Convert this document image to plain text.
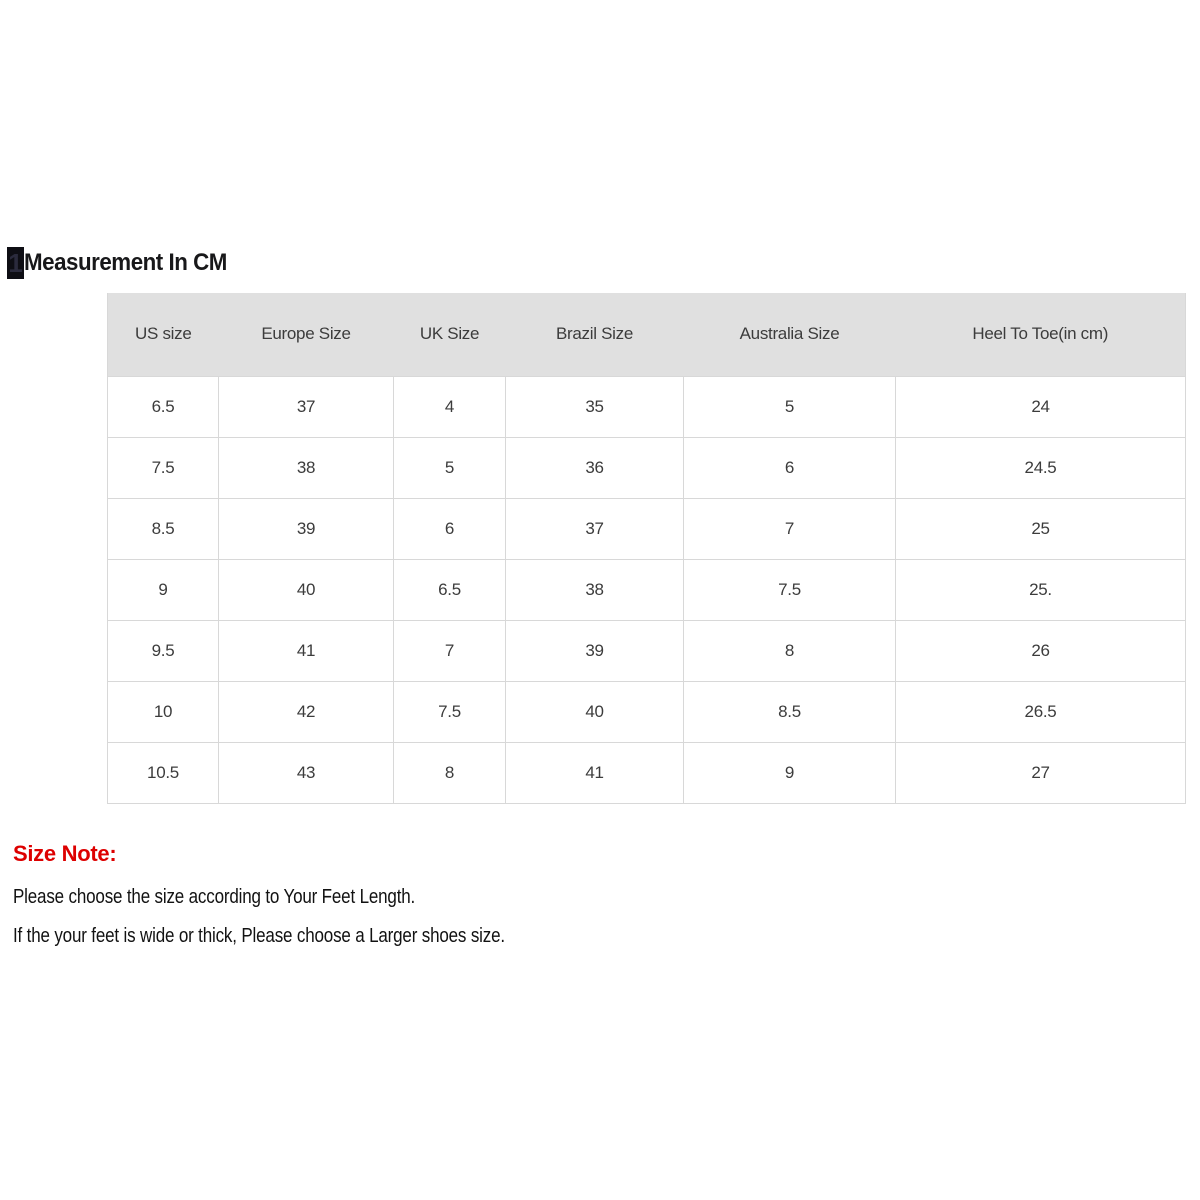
1 Measurement In CM
US size	Europe Size	UK Size	Brazil Size	Australia Size	Heel To Toe(in cm)
6.5	37	4	35	5	24
7.5	38	5	36	6	24.5
8.5	39	6	37	7	25
9	40	6.5	38	7.5	25.
9.5	41	7	39	8	26
10	42	7.5	40	8.5	26.5
10.5	43	8	41	9	27
Size Note:
Please choose the size according to Your Feet Length.
If the your feet is wide or thick, Please choose a Larger shoes size.
